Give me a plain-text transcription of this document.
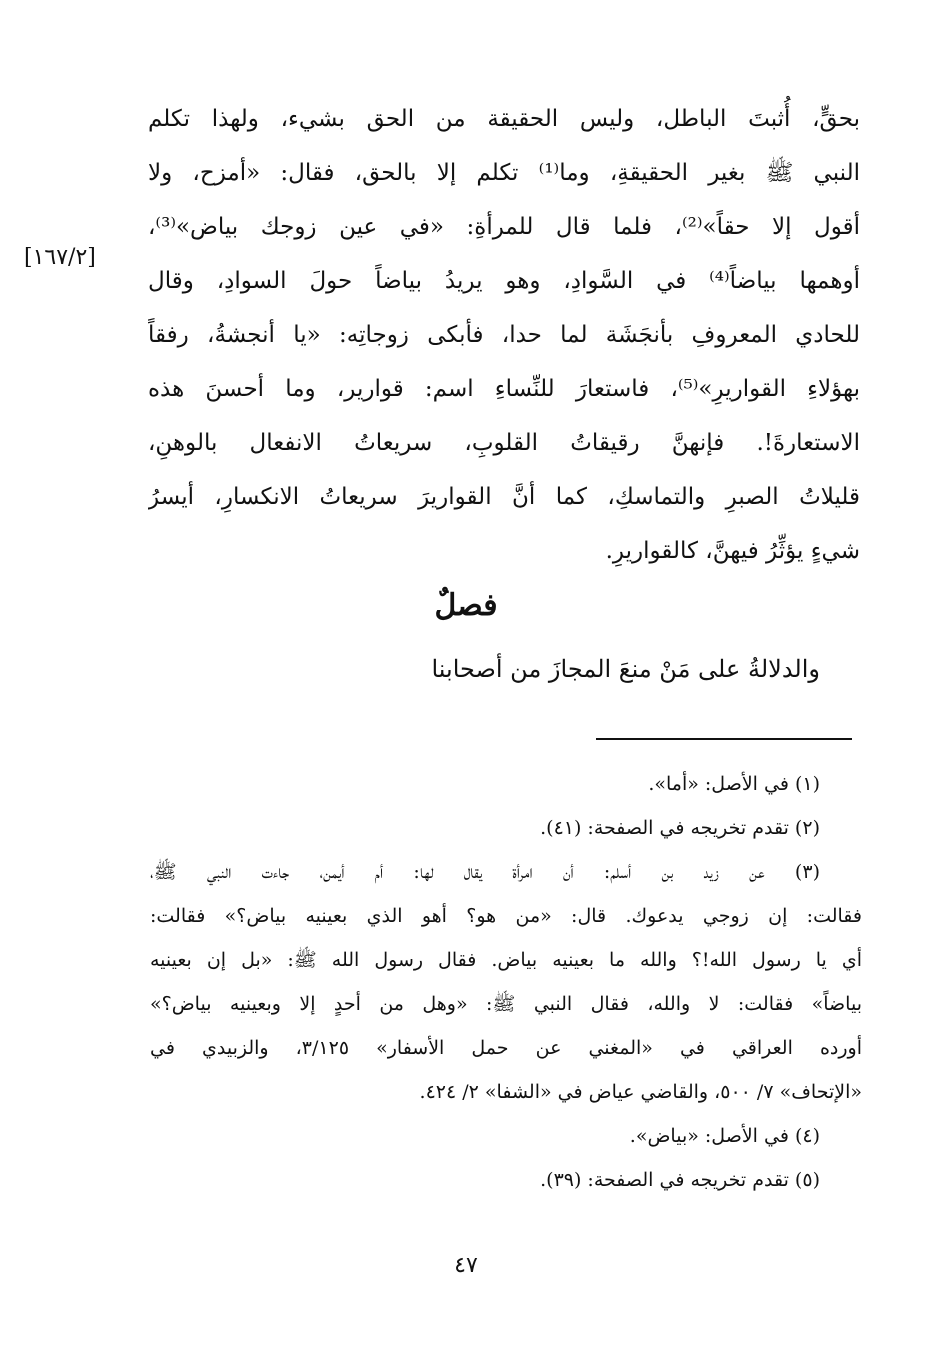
بحقٍّ، أُثبتَ الباطل، وليس الحقيقة من الحق بشيء، ولهذا تكلم
النبي ﷺ بغير الحقيقةِ، وما⁽¹⁾ تكلم إلا بالحق، فقال: «أمزح، ولا
أقول إلا حقاً»⁽²⁾، فلما قال للمرأةِ: «في عين زوجك بياض»⁽³⁾،
أوهمها بياضاً⁽⁴⁾ في السَّوادِ، وهو يريدُ بياضاً حولَ السوادِ، وقال
للحادي المعروفِ بأنجَشَة لما حدا، فأبكى زوجاتِه: «يا أنجشةُ، رفقاً
بهؤلاءِ القواريرِ»⁽⁵⁾، فاستعارَ للنِّساءِ اسم: قوارير، وما أحسنَ هذه
الاستعارةَ!. فإنهنَّ رقيقاتُ القلوبِ، سريعاتُ الانفعال بالوهنِ،
قليلاتُ الصبرِ والتماسكِ، كما أنَّ القواريرَ سريعاتُ الانكسارِ، أيسرُ
شيءٍ يؤثِّرُ فيهنَّ، كالقواريرِ.
[١٦٧/٢]
فصلٌ
والدلالةُ على مَنْ منعَ المجازَ من أصحابنا
(١) في الأصل: «أما».
(٢) تقدم تخريجه في الصفحة: (٤١).
(٣) عن زيد بن أسلم: أن امرأة يقال لها: أم أيمن، جاءت النبي ﷺ،
فقالت: إن زوجي يدعوك. قال: «من هو؟ أهو الذي بعينيه بياض؟» فقالت:
أي يا رسول الله!؟ والله ما بعينيه بياض. فقال رسول الله ﷺ: «بل إن بعينيه
بياضاً» فقالت: لا والله، فقال النبي ﷺ: «وهل من أحدٍ إلا وبعينيه بياض؟»
أورده العراقي في «المغني عن حمل الأسفار» ٣/١٢٥، والزبيدي في
«الإتحاف» ٧/ ٥٠٠، والقاضي عياض في «الشفا» ٢/ ٤٢٤.
(٤) في الأصل: «بياض».
(٥) تقدم تخريجه في الصفحة: (٣٩).
٤٧
